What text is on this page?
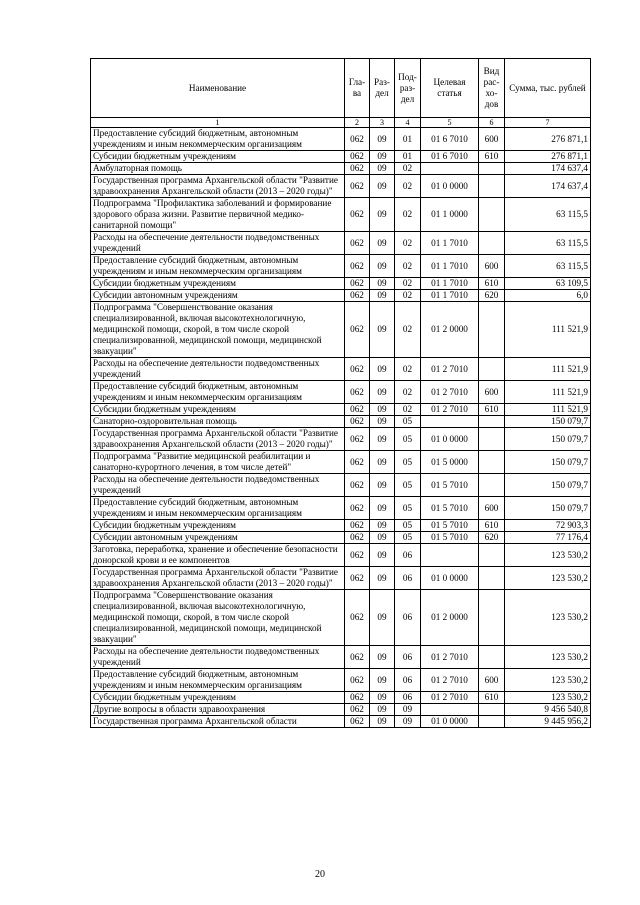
Наименование	Гла-ва	Раз-дел	Под-раз-дел	Целевая статья	Вид рас-хо-дов	Сумма, тыс. рублей
1	2	3	4	5	6	7
Предоставление субсидий бюджетным, автономным учреждениям и иным некоммерческим организациям	062	09	01	01 6 7010	600	276 871,1
Субсидии бюджетным учреждениям	062	09	01	01 6 7010	610	276 871,1
Амбулаторная помощь	062	09	02			174 637,4
Государственная программа Архангельской области "Развитие здравоохранения Архангельской области (2013 – 2020 годы)"	062	09	02	01 0 0000		174 637,4
Подпрограмма "Профилактика заболеваний и формирование здорового образа жизни. Развитие первичной медико-санитарной помощи"	062	09	02	01 1 0000		63 115,5
Расходы на обеспечение деятельности подведомственных учреждений	062	09	02	01 1 7010		63 115,5
Предоставление субсидий бюджетным, автономным учреждениям и иным некоммерческим организациям	062	09	02	01 1 7010	600	63 115,5
Субсидии бюджетным учреждениям	062	09	02	01 1 7010	610	63 109,5
Субсидии автономным учреждениям	062	09	02	01 1 7010	620	6,0
Подпрограмма "Совершенствование оказания специализированной, включая высокотехнологичную, медицинской помощи, скорой, в том числе скорой специализированной, медицинской помощи, медицинской эвакуации"	062	09	02	01 2 0000		111 521,9
Расходы на обеспечение деятельности подведомственных учреждений	062	09	02	01 2 7010		111 521,9
Предоставление субсидий бюджетным, автономным учреждениям и иным некоммерческим организациям	062	09	02	01 2 7010	600	111 521,9
Субсидии бюджетным учреждениям	062	09	02	01 2 7010	610	111 521,9
Санаторно-оздоровительная помощь	062	09	05			150 079,7
Государственная программа Архангельской области "Развитие здравоохранения Архангельской области (2013 – 2020 годы)"	062	09	05	01 0 0000		150 079,7
Подпрограмма "Развитие медицинской реабилитации и санаторно-курортного лечения, в том числе детей"	062	09	05	01 5 0000		150 079,7
Расходы на обеспечение деятельности подведомственных учреждений	062	09	05	01 5 7010		150 079,7
Предоставление субсидий бюджетным, автономным учреждениям и иным некоммерческим организациям	062	09	05	01 5 7010	600	150 079,7
Субсидии бюджетным учреждениям	062	09	05	01 5 7010	610	72 903,3
Субсидии автономным учреждениям	062	09	05	01 5 7010	620	77 176,4
Заготовка, переработка, хранение и обеспечение безопасности донорской крови и ее компонентов	062	09	06			123 530,2
Государственная программа Архангельской области "Развитие здравоохранения Архангельской области (2013 – 2020 годы)"	062	09	06	01 0 0000		123 530,2
Подпрограмма "Совершенствование оказания специализированной, включая высокотехнологичную, медицинской помощи, скорой, в том числе скорой специализированной, медицинской помощи, медицинской эвакуации"	062	09	06	01 2 0000		123 530,2
Расходы на обеспечение деятельности подведомственных учреждений	062	09	06	01 2 7010		123 530,2
Предоставление субсидий бюджетным, автономным учреждениям и иным некоммерческим организациям	062	09	06	01 2 7010	600	123 530,2
Субсидии бюджетным учреждениям	062	09	06	01 2 7010	610	123 530,2
Другие вопросы в области здравоохранения	062	09	09			9 456 540,8
Государственная программа Архангельской области	062	09	09	01 0 0000		9 445 956,2
20
